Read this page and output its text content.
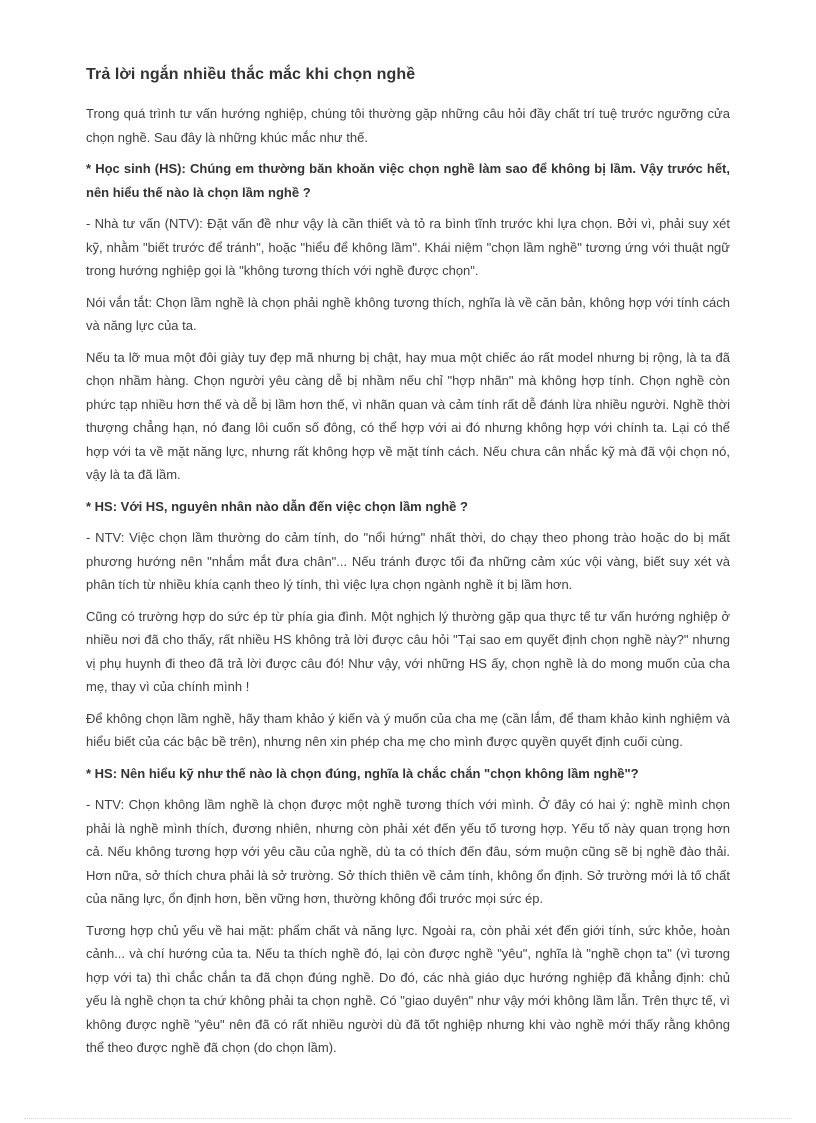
Trả lời ngắn nhiều thắc mắc khi chọn nghề

Trong quá trình tư vấn hướng nghiệp, chúng tôi thường gặp những câu hỏi đầy chất trí tuệ trước ngưỡng cửa chọn nghề. Sau đây là những khúc mắc như thế.

* Học sinh (HS): Chúng em thường băn khoăn việc chọn nghề làm sao để không bị lầm. Vậy trước hết, nên hiểu thế nào là chọn lầm nghề ?

- Nhà tư vấn (NTV): Đặt vấn đề như vậy là cần thiết và tỏ ra bình tĩnh trước khi lựa chọn. Bởi vì, phải suy xét kỹ, nhằm "biết trước để tránh", hoặc "hiểu để không lầm". Khái niệm "chọn lầm nghề" tương ứng với thuật ngữ trong hướng nghiệp gọi là "không tương thích với nghề được chọn".

Nói vắn tắt: Chọn lầm nghề là chọn phải nghề không tương thích, nghĩa là về căn bản, không hợp với tính cách và năng lực của ta.

Nếu ta lỡ mua một đôi giày tuy đẹp mã nhưng bị chật, hay mua một chiếc áo rất model nhưng bị rộng, là ta đã chọn nhầm hàng. Chọn người yêu càng dễ bị nhầm nếu chỉ "hợp nhãn" mà không hợp tính. Chọn nghề còn phức tạp nhiều hơn thế và dễ bị lầm hơn thế, vì nhãn quan và cảm tính rất dễ đánh lừa nhiều người. Nghề thời thượng chẳng hạn, nó đang lôi cuốn số đông, có thể hợp với ai đó nhưng không hợp với chính ta. Lại có thể hợp với ta về mặt năng lực, nhưng rất không hợp về mặt tính cách. Nếu chưa cân nhắc kỹ mà đã vội chọn nó, vậy là ta đã lầm.

* HS: Với HS, nguyên nhân nào dẫn đến việc chọn lầm nghề ?

- NTV: Việc chọn lầm thường do cảm tính, do "nổi hứng" nhất thời, do chạy theo phong trào hoặc do bị mất phương hướng nên "nhắm mắt đưa chân"... Nếu tránh được tối đa những cảm xúc vội vàng, biết suy xét và phân tích từ nhiều khía cạnh theo lý tính, thì việc lựa chọn ngành nghề ít bị lầm hơn.

Cũng có trường hợp do sức ép từ phía gia đình. Một nghịch lý thường gặp qua thực tế tư vấn hướng nghiệp ở nhiều nơi đã cho thấy, rất nhiều HS không trả lời được câu hỏi "Tại sao em quyết định chọn nghề này?" nhưng vị phụ huynh đi theo đã trả lời được câu đó! Như vậy, với những HS ấy, chọn nghề là do mong muốn của cha mẹ, thay vì của chính mình !

Để không chọn lầm nghề, hãy tham khảo ý kiến và ý muốn của cha mẹ (cần lắm, để tham khảo kinh nghiệm và hiểu biết của các bậc bề trên), nhưng nên xin phép cha mẹ cho mình được quyền quyết định cuối cùng.

* HS: Nên hiểu kỹ như thế nào là chọn đúng, nghĩa là chắc chắn "chọn không lầm nghề"?

- NTV: Chọn không lầm nghề là chọn được một nghề tương thích với mình. Ở đây có hai ý: nghề mình chọn phải là nghề mình thích, đương nhiên, nhưng còn phải xét đến yếu tố tương hợp. Yếu tố này quan trọng hơn cả. Nếu không tương hợp với yêu cầu của nghề, dù ta có thích đến đâu, sớm muộn cũng sẽ bị nghề đào thải. Hơn nữa, sở thích chưa phải là sở trường. Sở thích thiên về cảm tính, không ổn định. Sở trường mới là tố chất của năng lực, ổn định hơn, bền vững hơn, thường không đổi trước mọi sức ép.

Tương hợp chủ yếu về hai mặt: phẩm chất và năng lực. Ngoài ra, còn phải xét đến giới tính, sức khỏe, hoàn cảnh... và chí hướng của ta. Nếu ta thích nghề đó, lại còn được nghề "yêu", nghĩa là "nghề chọn ta" (vì tương hợp với ta) thì chắc chắn ta đã chọn đúng nghề. Do đó, các nhà giáo dục hướng nghiệp đã khẳng định: chủ yếu là nghề chọn ta chứ không phải ta chọn nghề. Có "giao duyên" như vậy mới không lầm lẫn. Trên thực tế, vì không được nghề "yêu" nên đã có rất nhiều người dù đã tốt nghiệp nhưng khi vào nghề mới thấy rằng không thể theo được nghề đã chọn (do chọn lầm).
